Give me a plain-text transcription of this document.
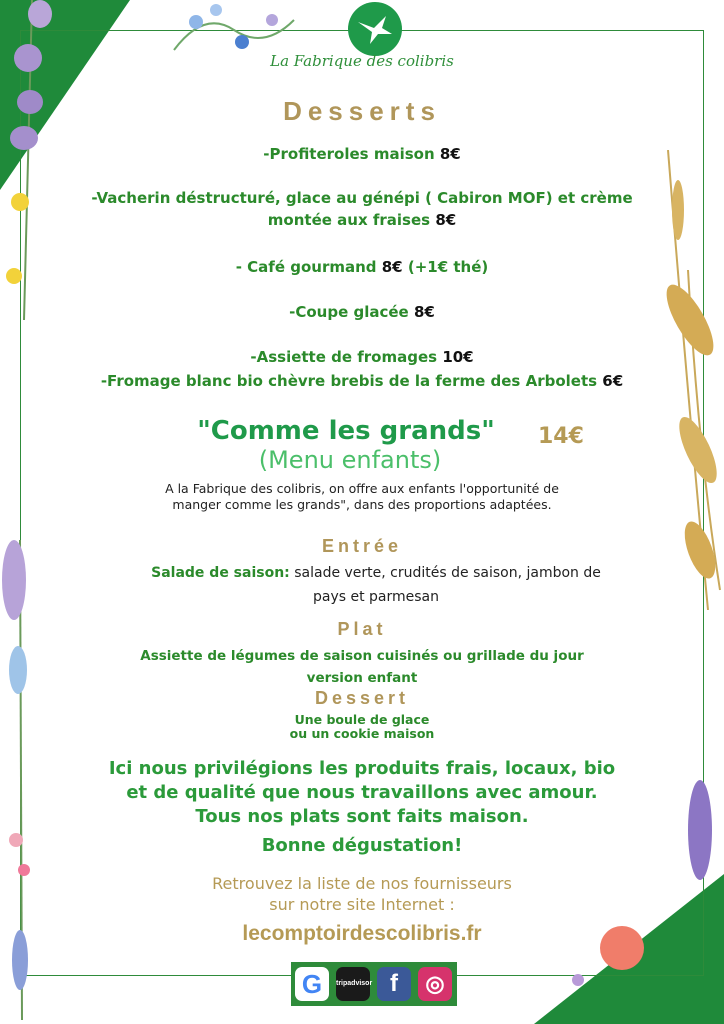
La Fabrique des colibris
Desserts
-Profiteroles maison 8€
-Vacherin déstructuré, glace au génépi ( Cabiron MOF) et crème
montée aux fraises 8€
- Café gourmand 8€ (+1€ thé)
-Coupe glacée 8€
-Assiette de fromages 10€
-Fromage blanc bio chèvre brebis de la ferme des Arbolets 6€
"Comme les grands"	14€
(Menu enfants)
A la Fabrique des colibris, on offre aux enfants l'opportunité de
manger comme les grands", dans des proportions adaptées.
Entrée
Salade de saison: salade verte, crudités de saison, jambon de
pays et parmesan
Plat
Assiette de légumes de saison cuisinés ou grillade du jour
version enfant
Dessert
Une boule de glace
ou un cookie maison
Ici nous privilégions les produits frais, locaux, bio
et de qualité que nous travaillons avec amour.
Tous nos plats sont faits maison.
Bonne dégustation!
Retrouvez la liste de nos fournisseurs
sur notre site Internet :
lecomptoirdescolibris.fr
G	tripadvisor f	◎
